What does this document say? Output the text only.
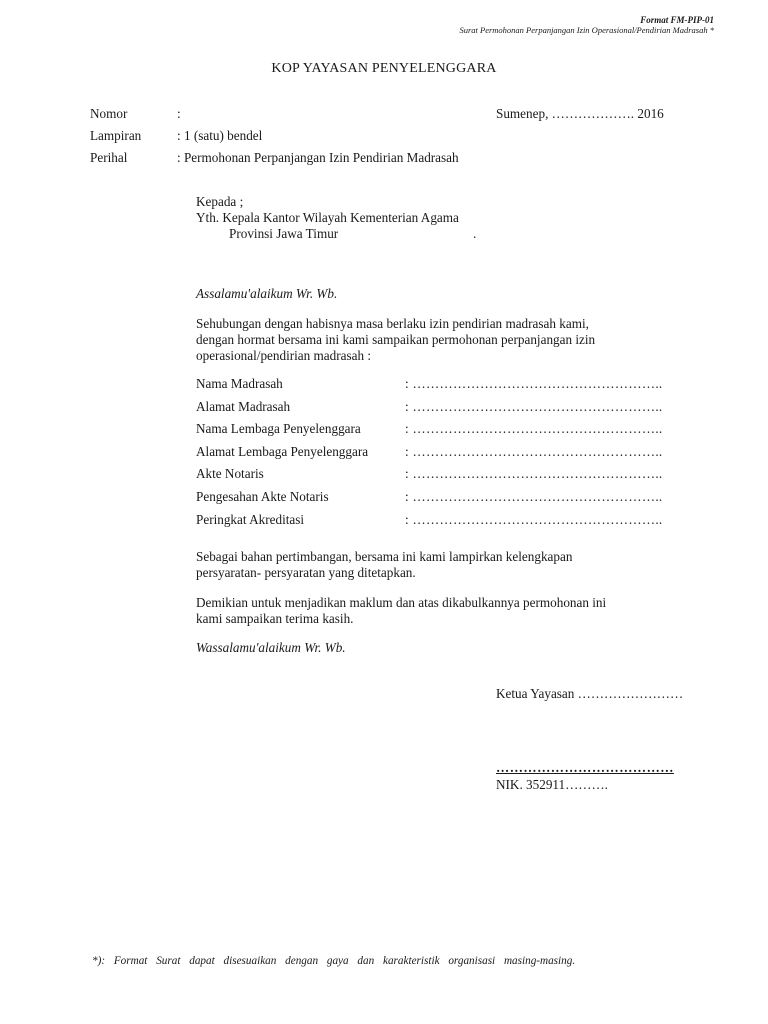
Format FM-PIP-01
Surat Permohonan Perpanjangan Izin Operasional/Pendirian Madrasah *
KOP YAYASAN PENYELENGGARA
Nomor	:	Sumenep, ………………. 2016
Lampiran	: 1 (satu) bendel
Perihal	: Permohonan Perpanjangan Izin Pendirian Madrasah
Kepada ;
Yth. Kepala Kantor Wilayah Kementerian Agama
Provinsi Jawa Timur	.
Assalamu'alaikum Wr. Wb.
Sehubungan dengan habisnya masa berlaku izin pendirian madrasah kami,
dengan hormat bersama ini kami sampaikan permohonan perpanjangan izin
operasional/pendirian madrasah :
Nama Madrasah	: ………………………………………………..
Alamat Madrasah	: ………………………………………………..
Nama Lembaga Penyelenggara	: ………………………………………………..
Alamat Lembaga Penyelenggara	: ………………………………………………..
Akte Notaris	: ………………………………………………..
Pengesahan Akte Notaris	: ………………………………………………..
Peringkat Akreditasi	: ………………………………………………..
Sebagai bahan pertimbangan, bersama ini kami lampirkan kelengkapan
persyaratan- persyaratan yang ditetapkan.
Demikian untuk menjadikan maklum dan atas dikabulkannya permohonan ini
kami sampaikan terima kasih.
Wassalamu'alaikum Wr. Wb.
Ketua Yayasan ……………………
…………………………………
NIK. 352911……….
*): Format Surat dapat disesuaikan dengan gaya dan karakteristik organisasi masing-masing.
